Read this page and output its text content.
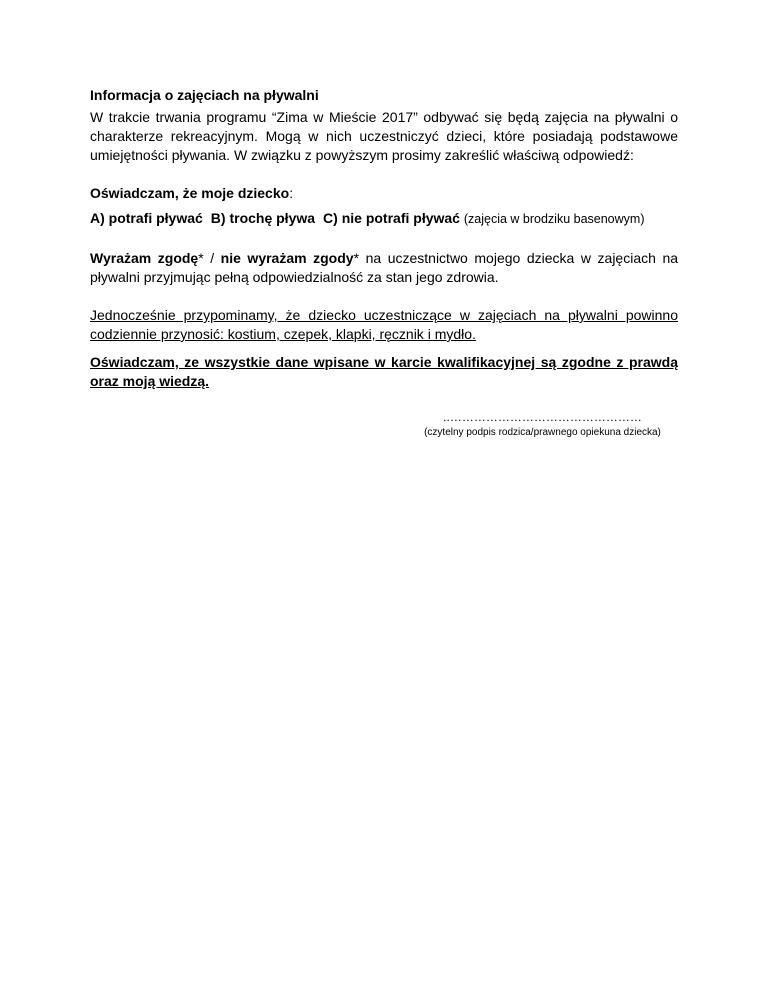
Informacja o zajęciach na pływalni

W trakcie trwania programu “Zima w Mieście 2017” odbywać się będą zajęcia na pływalni o charakterze rekreacyjnym. Mogą w nich uczestniczyć dzieci, które posiadają podstawowe umiejętności pływania. W związku z powyższym prosimy zakreślić właściwą odpowiedź:

Oświadczam, że moje dziecko:

A) potrafi pływać B) trochę pływa C) nie potrafi pływać (zajęcia w brodziku basenowym)

Wyrażam zgodę* / nie wyrażam zgody* na uczestnictwo mojego dziecka w zajęciach na pływalni przyjmując pełną odpowiedzialność za stan jego zdrowia.

Jednocześnie przypominamy, że dziecko uczestniczące w zajęciach na pływalni powinno codziennie przynosić: kostium, czepek, klapki, ręcznik i mydło.

Oświadczam, ze wszystkie dane wpisane w karcie kwalifikacyjnej są zgodne z prawdą oraz moją wiedzą.

..…………………………………………
(czytelny podpis rodzica/prawnego opiekuna dziecka)
